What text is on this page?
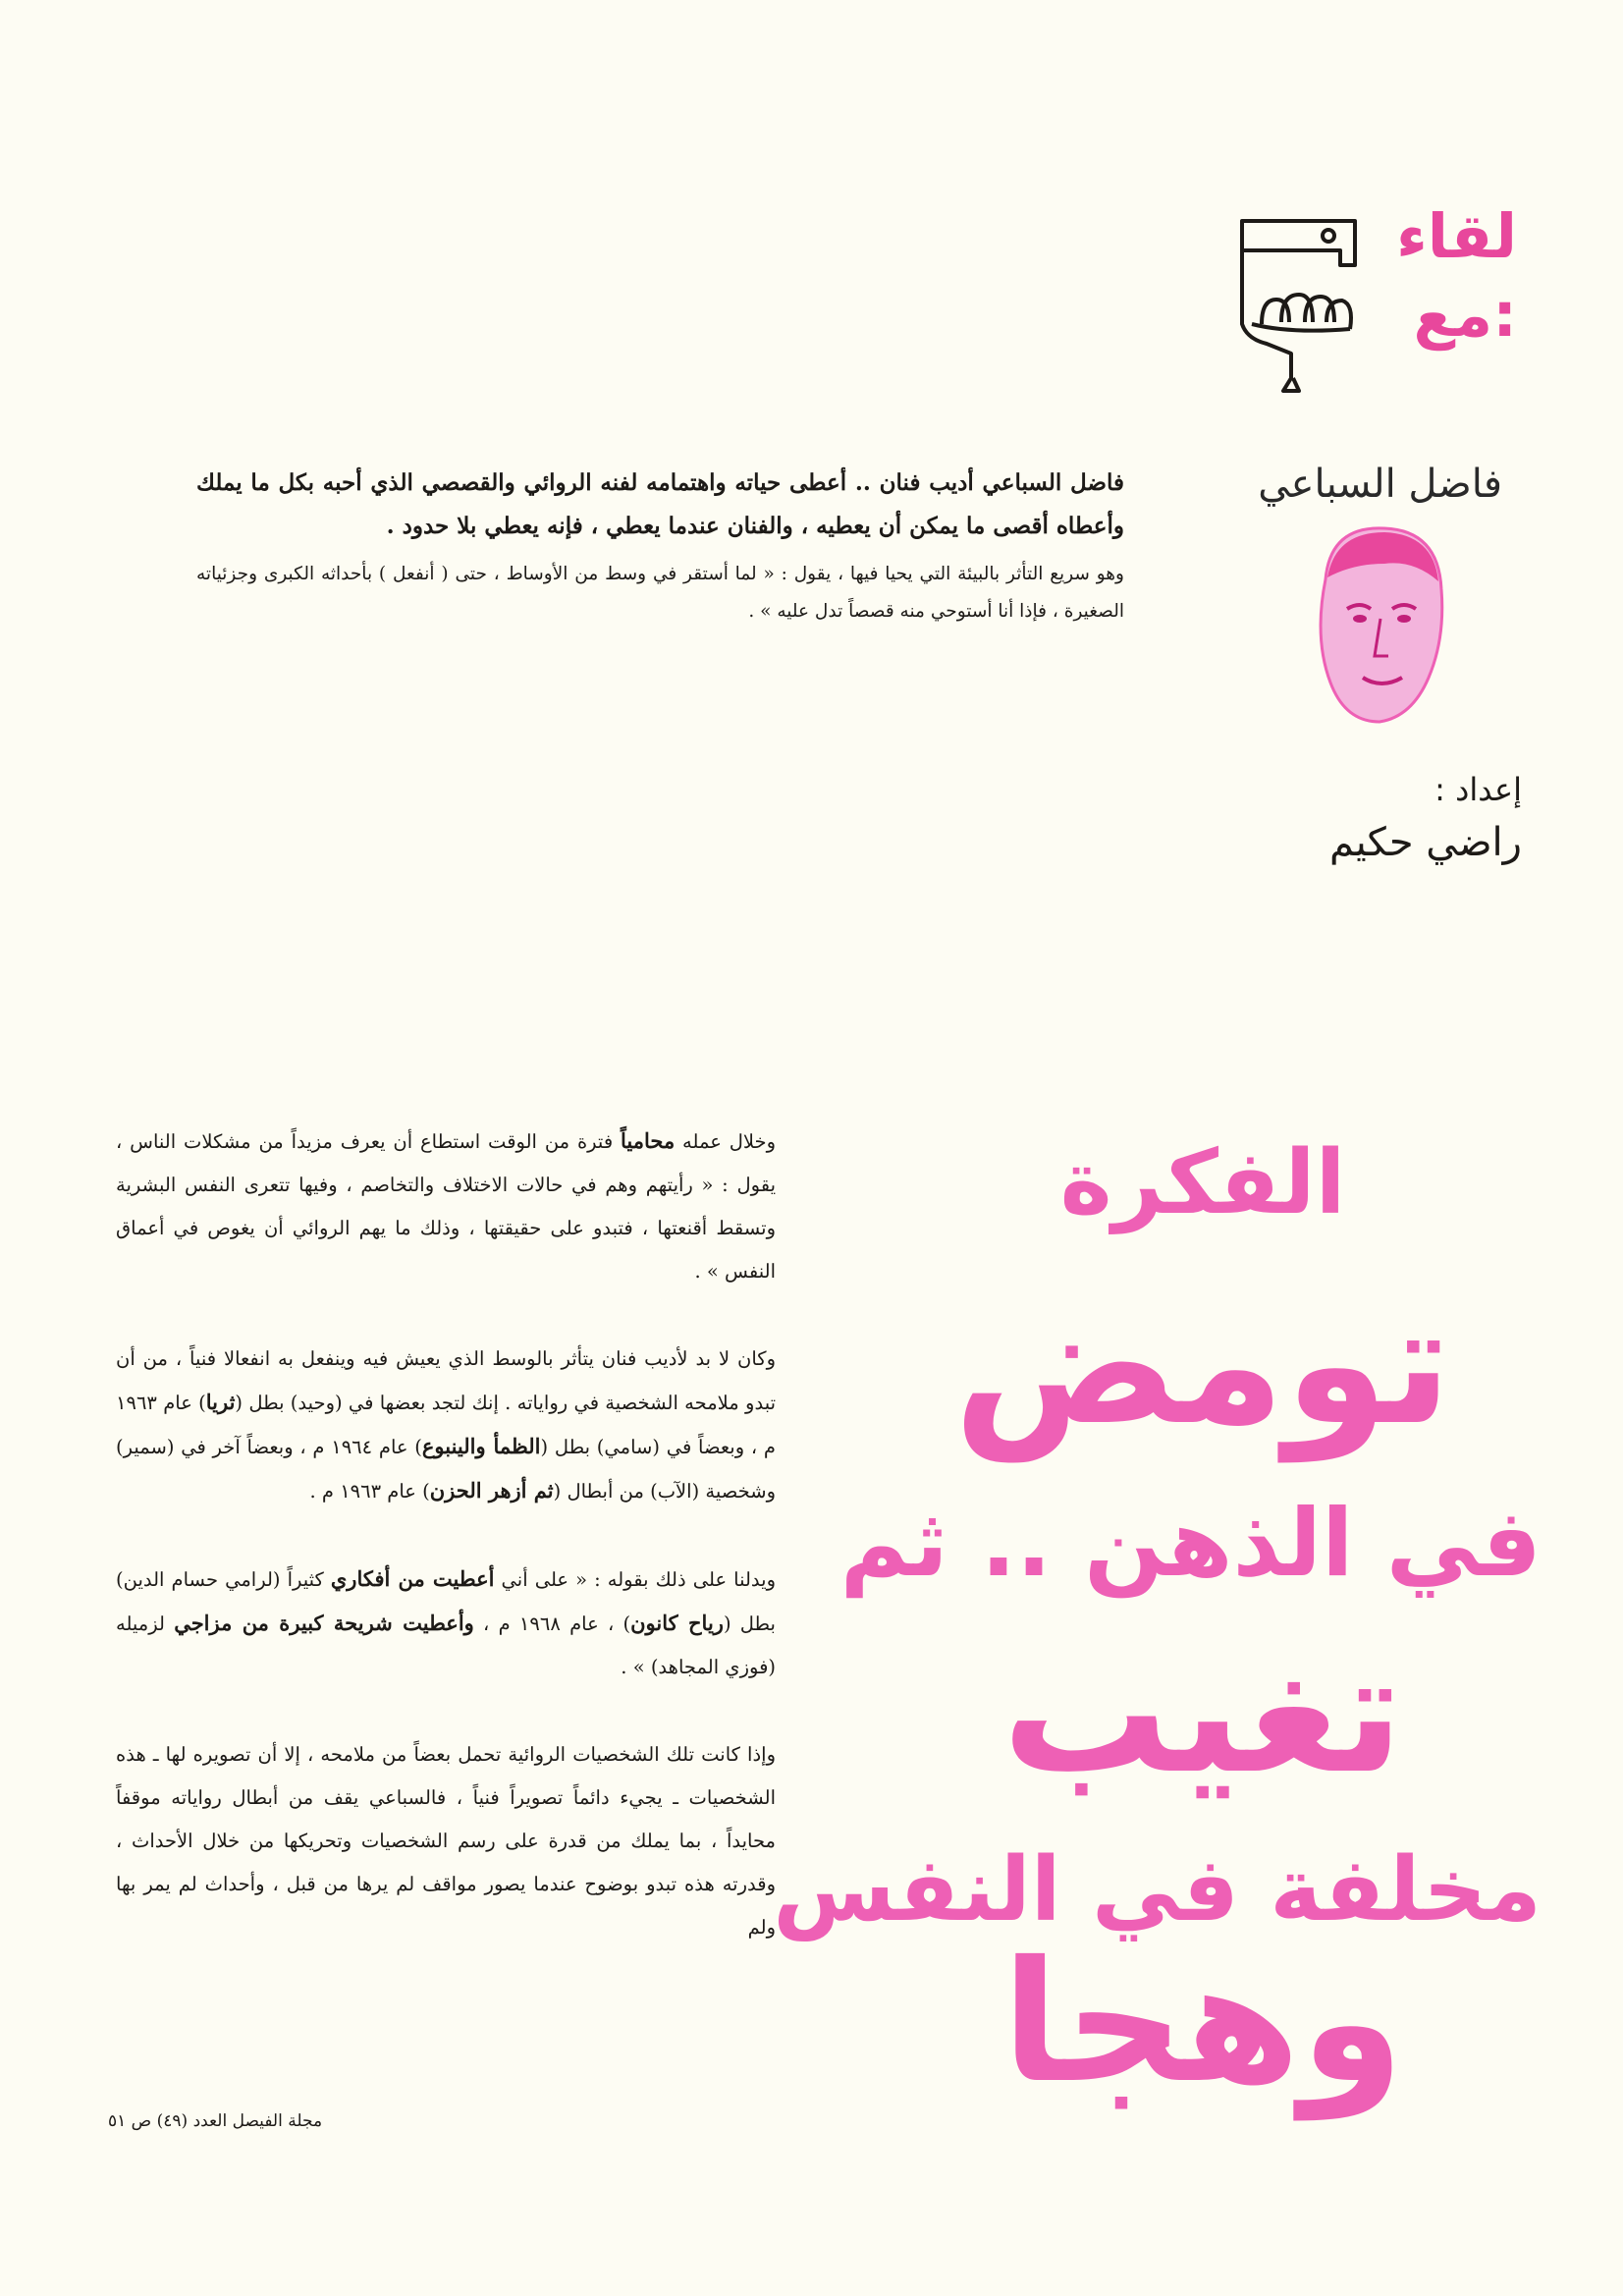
لقاء
مع:
فاضل السباعي
إعداد :
راضي حكيم

فاضل السباعي أديب فنان .. أعطى حياته واهتمامه لفنه الروائي والقصصي الذي أحبه بكل ما يملك وأعطاه أقصى ما يمكن أن يعطيه ، والفنان عندما يعطي ، فإنه يعطي بلا حدود .

وهو سريع التأثر بالبيئة التي يحيا فيها ، يقول : « لما أستقر في وسط من الأوساط ، حتى ( أنفعل ) بأحداثه الكبرى وجزئياته الصغيرة ، فإذا أنا أستوحي منه قصصاً تدل عليه » .

الفكرة
تومض
في الذهن .. ثم
تغيب
مخلفة في النفس
وهجا

وخلال عمله محامياً فترة من الوقت استطاع أن يعرف مزيداً من مشكلات الناس ، يقول : « رأيتهم وهم في حالات الاختلاف والتخاصم ، وفيها تتعرى النفس البشرية وتسقط أقنعتها ، فتبدو على حقيقتها ، وذلك ما يهم الروائي أن يغوص في أعماق النفس » .

وكان لا بد لأديب فنان يتأثر بالوسط الذي يعيش فيه وينفعل به انفعالا فنياً ، من أن تبدو ملامحه الشخصية في رواياته . إنك لتجد بعضها في (وحيد) بطل (ثريا) عام ١٩٦٣ م ، وبعضاً في (سامي) بطل (الظمأ والينبوع) عام ١٩٦٤ م ، وبعضاً آخر في (سمير) وشخصية (الآب) من أبطال (ثم أزهر الحزن) عام ١٩٦٣ م .

ويدلنا على ذلك بقوله : « على أني أعطيت من أفكاري كثيراً (لرامي حسام الدين) بطل (رياح كانون) ، عام ١٩٦٨ م ، وأعطيت شريحة كبيرة من مزاجي لزميله (فوزي المجاهد) » .

وإذا كانت تلك الشخصيات الروائية تحمل بعضاً من ملامحه ، إلا أن تصويره لها ـ هذه الشخصيات ـ يجيء دائماً تصويراً فنياً ، فالسباعي يقف من أبطال رواياته موقفاً محايداً ، بما يملك من قدرة على رسم الشخصيات وتحريكها من خلال الأحداث ، وقدرته هذه تبدو بوضوح عندما يصور مواقف لم يرها من قبل ، وأحداث لم يمر بها ولم

مجلة الفيصل العدد (٤٩) ص ٥١
